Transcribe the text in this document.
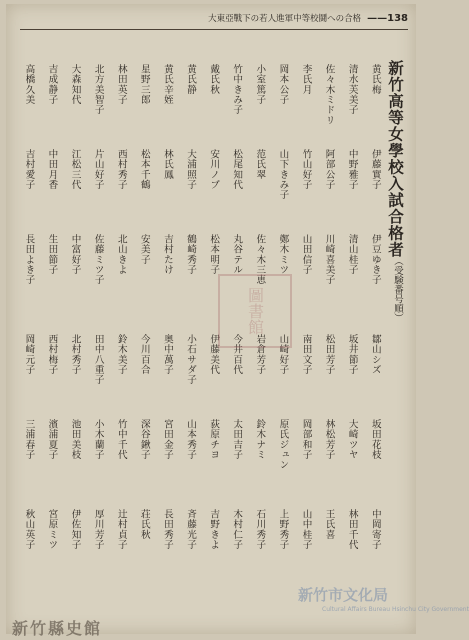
大東亞戰下の若人進軍中等校鬪への合格 ——138
新竹高等女學校入試合格者
（受験番号順）
黄氏梅
清水芙美子
佐々木ミドリ
李氏月
岡本公子
小室篤子
竹中きみ子
戴氏秋
黄氏静
黄氏辛姪
星野三郎
林田英子
北方美智子
大森知代
吉成静子
高橋久美
伊藤實子
中野雅子
阿部公子
竹山好子
山下きみ子
范氏翠
松尾知代
安川ノブ
大浦照子
林氏鳳
松本千鶴
西村秀子
片山好子
江松三代
中田月香
吉村愛子
伊豆ゆき子
清山桂子
川崎喜美子
山田信子
鄭木ミツ
佐々木三恵
丸谷テル
松本明子
鶴崎秀子
吉村たけ
安美子
北山きよ
佐藤ミツ子
中富好子
生田節子
長田よき子
鄒山シズ
坂井節子
松田芳子
南田文子
山崎好子
岩倉芳子
今井百代
伊藤美代
小石サダ子
奥中萬子
今川百合
鈴木美子
田中八重子
北村秀子
西村梅子
岡崎元子
坂田花枝
大崎ツヤ
林松芳子
岡部和子
原氏ジュン
鈴木ナミ
太田吉子
荻原チヨ
山本秀子
宮田金子
深谷鍬子
竹中千代
小木蘭子
池田美枝
濱浦夏子
三浦春子
中岡寄子
林田千代
王氏喜
山中桂子
上野秀子
石川秀子
木村仁子
吉野きよ
斉藤光子
長田秀子
荘氏秋
辻村貞子
厚川芳子
伊佐知子
宮原ミツ
秋山英子
圖書館
新竹市文化局
Cultural Affairs Bureau Hsinchu City Government
新竹縣史館
